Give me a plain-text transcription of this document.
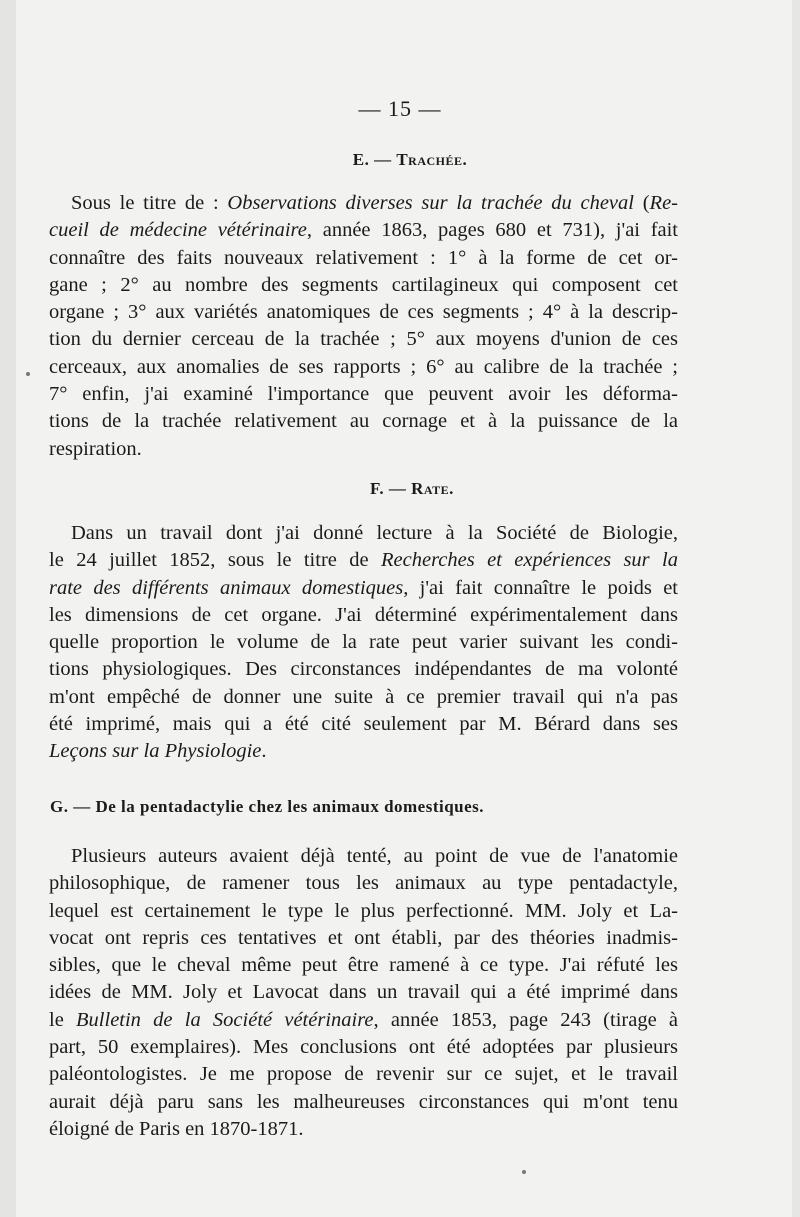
— 15 —
E. — Trachée.
Sous le titre de : Observations diverses sur la trachée du cheval (Re-
cueil de médecine vétérinaire, année 1863, pages 680 et 731), j'ai fait
connaître des faits nouveaux relativement : 1° à la forme de cet or-
gane ; 2° au nombre des segments cartilagineux qui composent cet
organe ; 3° aux variétés anatomiques de ces segments ; 4° à la descrip-
tion du dernier cerceau de la trachée ; 5° aux moyens d'union de ces
cerceaux, aux anomalies de ses rapports ; 6° au calibre de la trachée ;
7° enfin, j'ai examiné l'importance que peuvent avoir les déforma-
tions de la trachée relativement au cornage et à la puissance de la
respiration.
F. — Rate.
Dans un travail dont j'ai donné lecture à la Société de Biologie,
le 24 juillet 1852, sous le titre de Recherches et expériences sur la
rate des différents animaux domestiques, j'ai fait connaître le poids et
les dimensions de cet organe. J'ai déterminé expérimentalement dans
quelle proportion le volume de la rate peut varier suivant les condi-
tions physiologiques. Des circonstances indépendantes de ma volonté
m'ont empêché de donner une suite à ce premier travail qui n'a pas
été imprimé, mais qui a été cité seulement par M. Bérard dans ses
Leçons sur la Physiologie.
G. — De la pentadactylie chez les animaux domestiques.
Plusieurs auteurs avaient déjà tenté, au point de vue de l'anatomie
philosophique, de ramener tous les animaux au type pentadactyle,
lequel est certainement le type le plus perfectionné. MM. Joly et La-
vocat ont repris ces tentatives et ont établi, par des théories inadmis-
sibles, que le cheval même peut être ramené à ce type. J'ai réfuté les
idées de MM. Joly et Lavocat dans un travail qui a été imprimé dans
le Bulletin de la Société vétérinaire, année 1853, page 243 (tirage à
part, 50 exemplaires). Mes conclusions ont été adoptées par plusieurs
paléontologistes. Je me propose de revenir sur ce sujet, et le travail
aurait déjà paru sans les malheureuses circonstances qui m'ont tenu
éloigné de Paris en 1870-1871.
